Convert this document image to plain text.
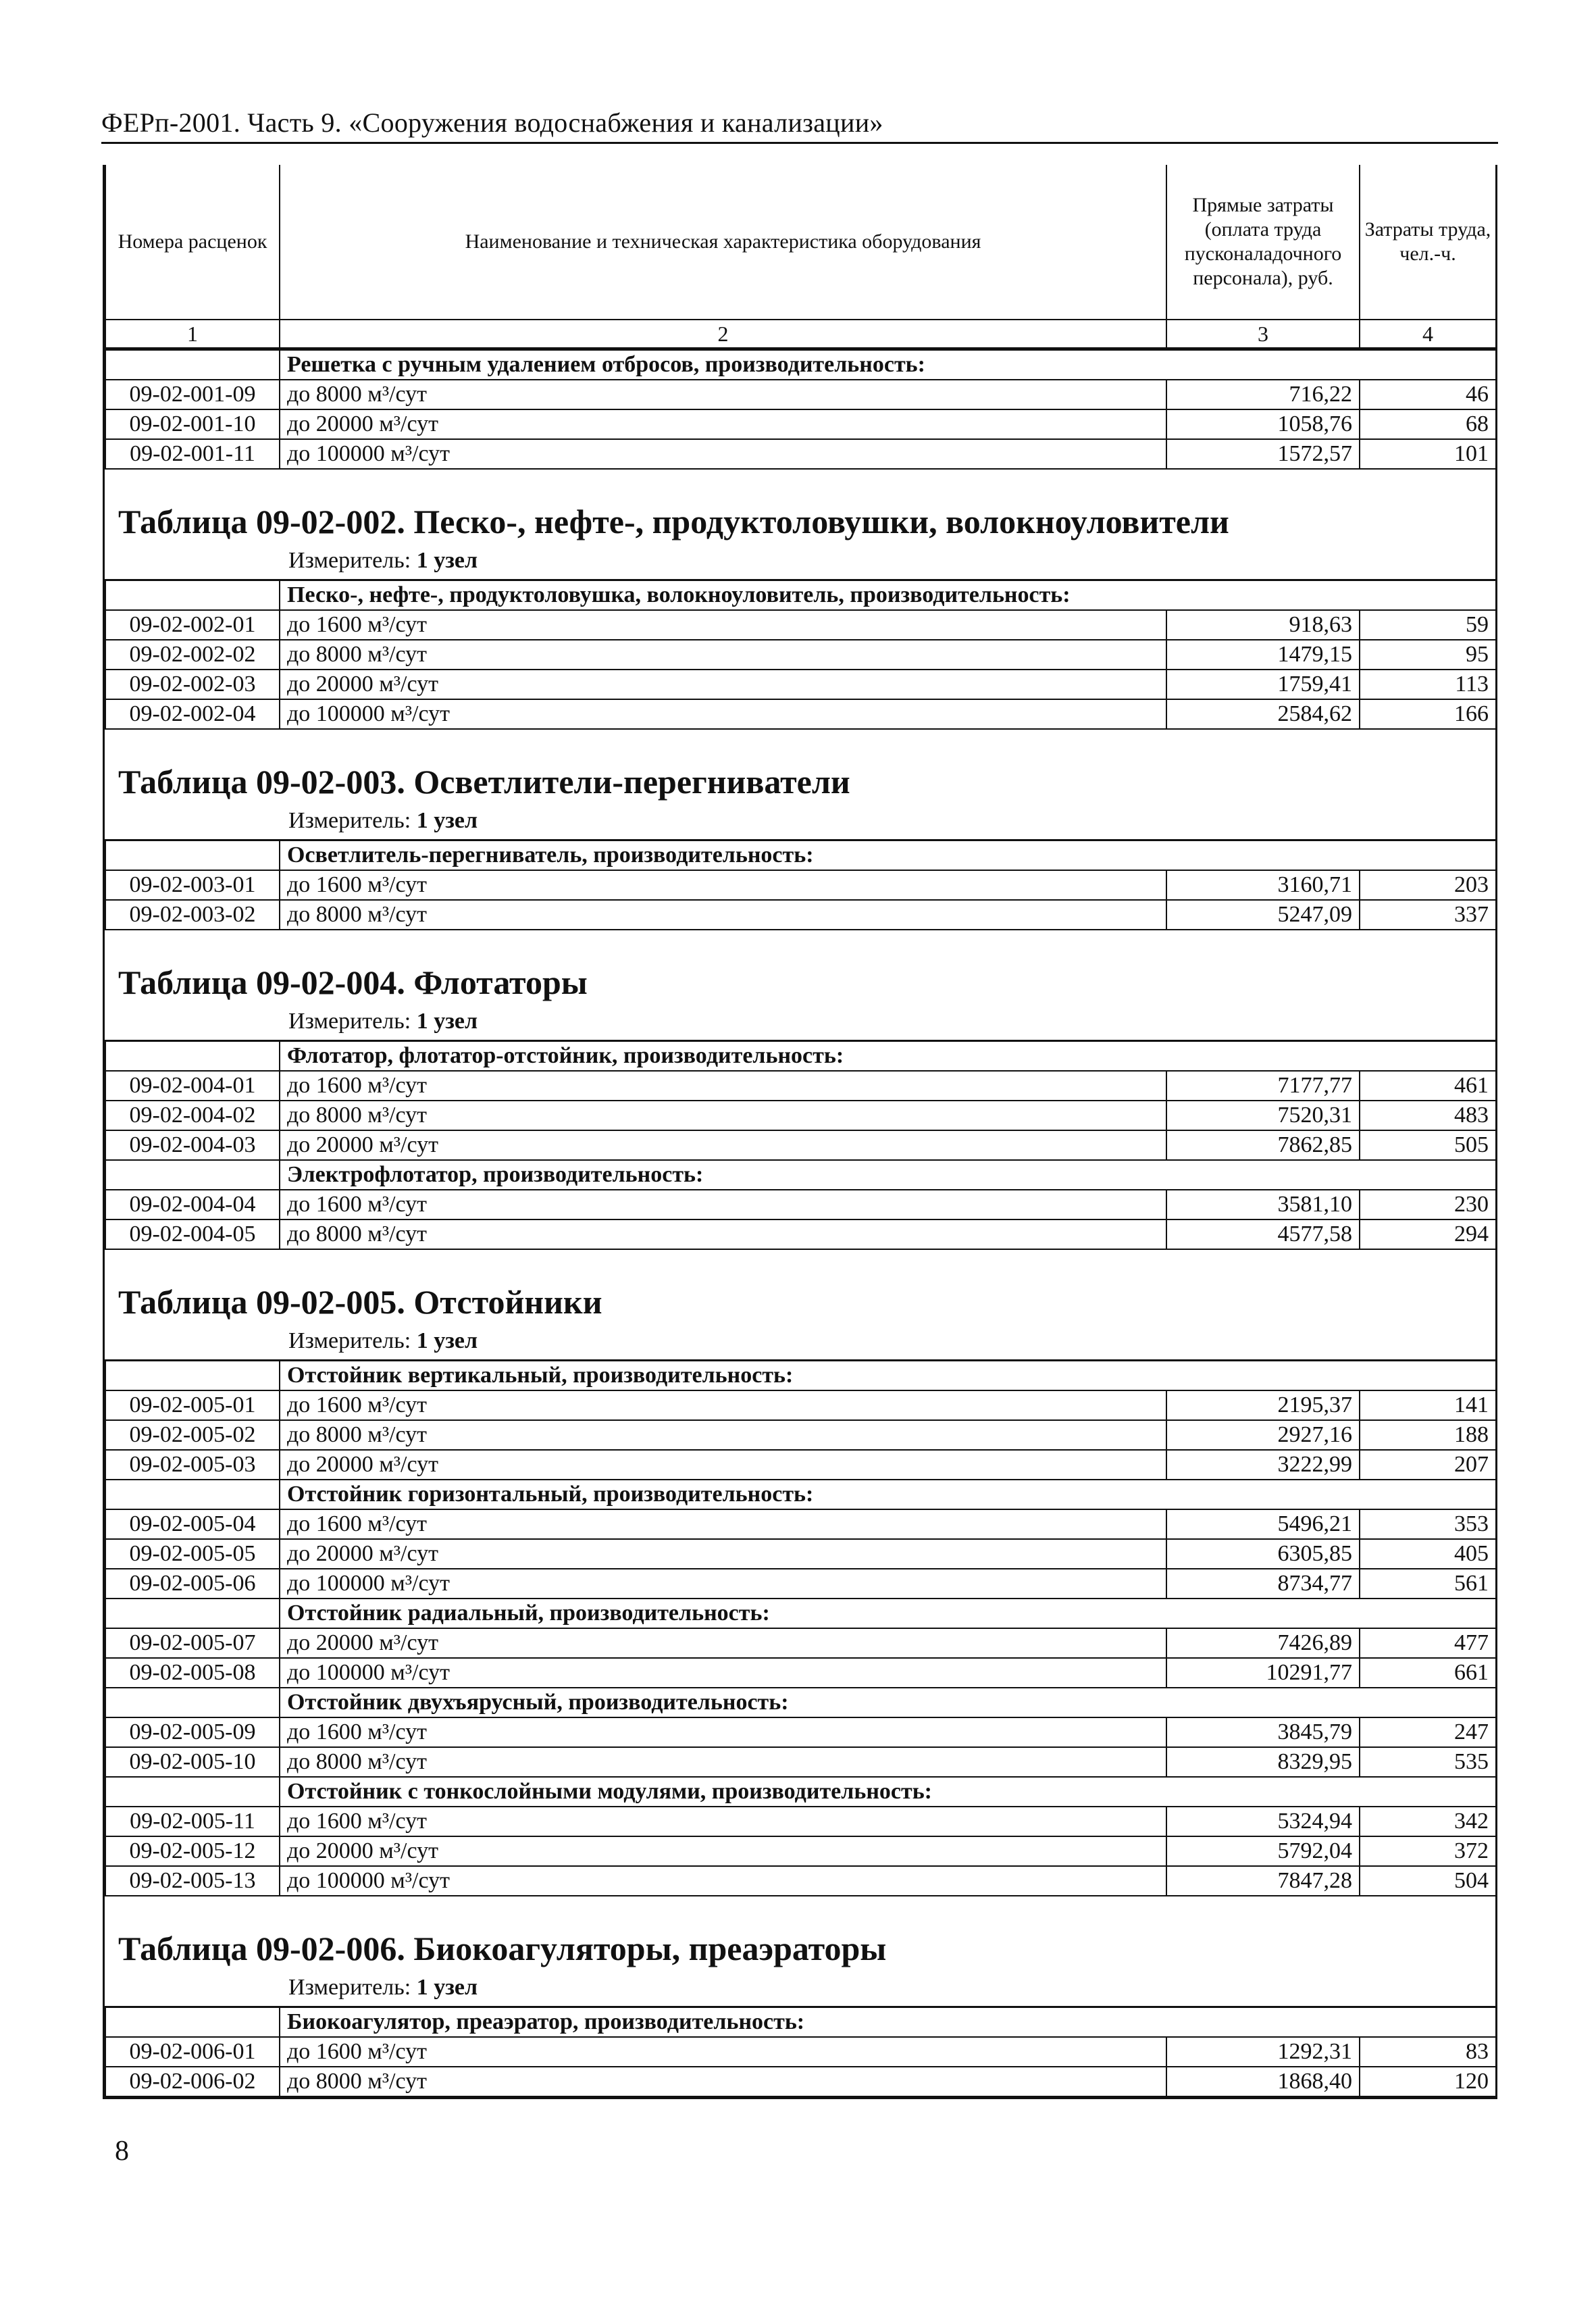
ФЕРп-2001. Часть 9. «Сооружения водоснабжения и канализации»
Номера расценок	Наименование и техническая характеристика оборудования	Прямые затраты (оплата труда пусконаладочного персонала), руб.	Затраты труда, чел.-ч.
1	2	3	4
	Решетка с ручным удалением отбросов, производительность:		
09-02-001-09	до 8000 м³/сут	716,22	46
09-02-001-10	до 20000 м³/сут	1058,76	68
09-02-001-11	до 100000 м³/сут	1572,57	101
Таблица 09-02-002. Песко-, нефте-, продуктоловушки, волокноуловители
Измеритель: 1 узел
	Песко-, нефте-, продуктоловушка, волокноуловитель, производительность:		
09-02-002-01	до 1600 м³/сут	918,63	59
09-02-002-02	до 8000 м³/сут	1479,15	95
09-02-002-03	до 20000 м³/сут	1759,41	113
09-02-002-04	до 100000 м³/сут	2584,62	166
Таблица 09-02-003. Осветлители-перегниватели
Измеритель: 1 узел
	Осветлитель-перегниватель, производительность:		
09-02-003-01	до 1600 м³/сут	3160,71	203
09-02-003-02	до 8000 м³/сут	5247,09	337
Таблица 09-02-004. Флотаторы
Измеритель: 1 узел
	Флотатор, флотатор-отстойник, производительность:		
09-02-004-01	до 1600 м³/сут	7177,77	461
09-02-004-02	до 8000 м³/сут	7520,31	483
09-02-004-03	до 20000 м³/сут	7862,85	505
	Электрофлотатор, производительность:		
09-02-004-04	до 1600 м³/сут	3581,10	230
09-02-004-05	до 8000 м³/сут	4577,58	294
Таблица 09-02-005. Отстойники
Измеритель: 1 узел
	Отстойник вертикальный, производительность:		
09-02-005-01	до 1600 м³/сут	2195,37	141
09-02-005-02	до 8000 м³/сут	2927,16	188
09-02-005-03	до 20000 м³/сут	3222,99	207
	Отстойник горизонтальный, производительность:		
09-02-005-04	до 1600 м³/сут	5496,21	353
09-02-005-05	до 20000 м³/сут	6305,85	405
09-02-005-06	до 100000 м³/сут	8734,77	561
	Отстойник радиальный, производительность:		
09-02-005-07	до 20000 м³/сут	7426,89	477
09-02-005-08	до 100000 м³/сут	10291,77	661
	Отстойник двухъярусный, производительность:		
09-02-005-09	до 1600 м³/сут	3845,79	247
09-02-005-10	до 8000 м³/сут	8329,95	535
	Отстойник с тонкослойными модулями, производительность:		
09-02-005-11	до 1600 м³/сут	5324,94	342
09-02-005-12	до 20000 м³/сут	5792,04	372
09-02-005-13	до 100000 м³/сут	7847,28	504
Таблица 09-02-006. Биокоагуляторы, преаэраторы
Измеритель: 1 узел
	Биокоагулятор, преаэратор, производительность:		
09-02-006-01	до 1600 м³/сут	1292,31	83
09-02-006-02	до 8000 м³/сут	1868,40	120
8
